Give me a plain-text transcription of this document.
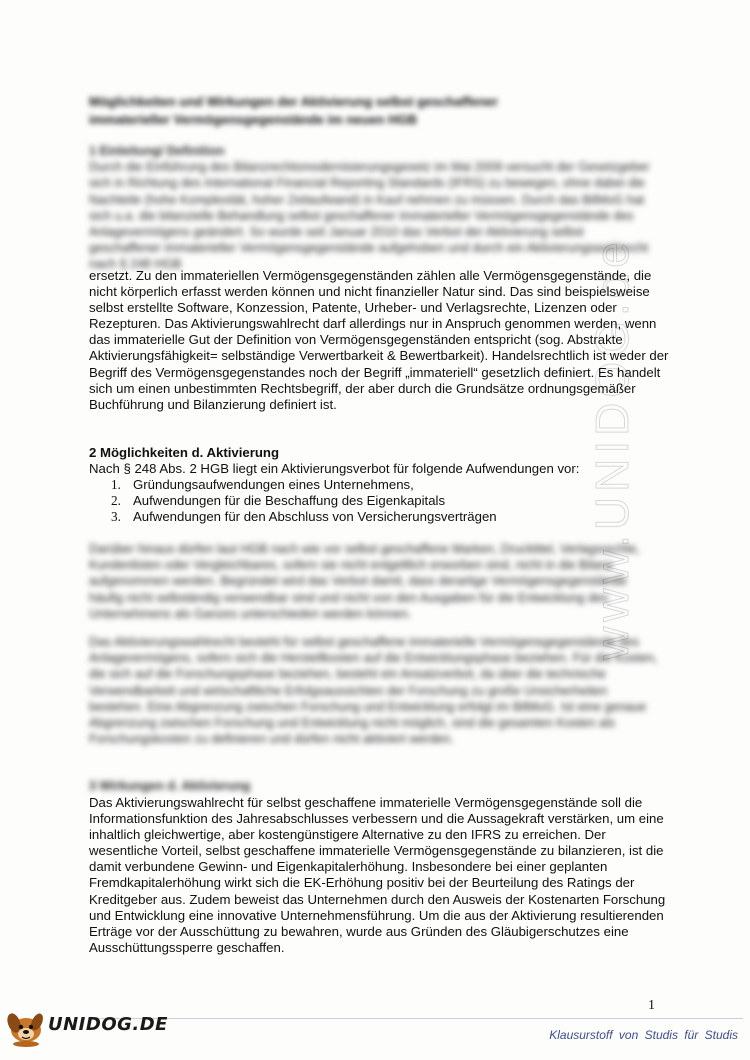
www.UNIDOG.de
Möglichkeiten und Wirkungen der Aktivierung selbst geschaffener
immaterieller Vermögensgegenstände im neuen HGB
1 Einleitung/ Definition
Durch die Einführung des Bilanzrechtsmodernisierungsgesetz im Mai 2009 versucht der Gesetzgeber sich in Richtung des International Financial Reporting Standards (IFRS) zu bewegen, ohne dabei die Nachteile (hohe Komplexität, hoher Zeitaufwand) in Kauf nehmen zu müssen. Durch das BilMoG hat sich u.a. die bilanzielle Behandlung selbst geschaffener immaterieller Vermögensgegenstände des Anlagevermögens geändert. So wurde seit Januar 2010 das Verbot der Aktivierung selbst geschaffener immaterieller Vermögensgegenstände aufgehoben und durch ein Aktivierungswahlrecht nach § 248 HGB
ersetzt. Zu den immateriellen Vermögensgegenständen zählen alle Vermögensgegenstände, die nicht körperlich erfasst werden können und nicht finanzieller Natur sind. Das sind beispielsweise selbst erstellte Software, Konzession, Patente, Urheber- und Verlagsrechte, Lizenzen oder Rezepturen. Das Aktivierungswahlrecht darf allerdings nur in Anspruch genommen werden, wenn das immaterielle Gut der Definition von Vermögensgegenständen entspricht (sog. Abstrakte Aktivierungsfähigkeit= selbständige Verwertbarkeit & Bewertbarkeit). Handelsrechtlich ist weder der Begriff des Vermögensgegenstandes noch der Begriff „immateriell“ gesetzlich definiert. Es handelt sich um einen unbestimmten Rechtsbegriff, der aber durch die Grundsätze ordnungsgemäßer Buchführung und Bilanzierung definiert ist.
2 Möglichkeiten d. Aktivierung
Nach § 248 Abs. 2 HGB liegt ein Aktivierungsverbot für folgende Aufwendungen vor:
1. Gründungsaufwendungen eines Unternehmens,
2. Aufwendungen für die Beschaffung des Eigenkapitals
3. Aufwendungen für den Abschluss von Versicherungsverträgen
Darüber hinaus dürfen laut HGB nach wie vor selbst geschaffene Marken, Drucktitel, Verlagsrechte, Kundenlisten oder Vergleichbares, sofern sie nicht entgeltlich erworben sind, nicht in die Bilanz aufgenommen werden. Begründet wird das Verbot damit, dass derartige Vermögensgegenstände häufig nicht selbständig verwendbar sind und nicht von den Ausgaben für die Entwicklung des Unternehmens als Ganzes unterschieden werden können.
Das Aktivierungswahlrecht besteht für selbst geschaffene immaterielle Vermögensgegenstände des Anlagevermögens, sofern sich die Herstellkosten auf die Entwicklungsphase beziehen. Für die Kosten, die sich auf die Forschungsphase beziehen, besteht ein Ansatzverbot, da über die technische Verwendbarkeit und wirtschaftliche Erfolgsaussichten der Forschung zu große Unsicherheiten bestehen. Eine Abgrenzung zwischen Forschung und Entwicklung erfolgt im BilMoG. Ist eine genaue Abgrenzung zwischen Forschung und Entwicklung nicht möglich, sind die gesamten Kosten als Forschungskosten zu definieren und dürfen nicht aktiviert werden.
3 Wirkungen d. Aktivierung
Das Aktivierungswahlrecht für selbst geschaffene immaterielle Vermögensgegenstände soll die Informationsfunktion des Jahresabschlusses verbessern und die Aussagekraft verstärken, um eine inhaltlich gleichwertige, aber kostengünstigere Alternative zu den IFRS zu erreichen. Der wesentliche Vorteil, selbst geschaffene immaterielle Vermögensgegenstände zu bilanzieren, ist die damit verbundene Gewinn- und Eigenkapitalerhöhung. Insbesondere bei einer geplanten Fremdkapitalerhöhung wirkt sich die EK-Erhöhung positiv bei der Beurteilung des Ratings der Kreditgeber aus. Zudem beweist das Unternehmen durch den Ausweis der Kostenarten Forschung und Entwicklung eine innovative Unternehmensführung. Um die aus der Aktivierung resultierenden Erträge vor der Ausschüttung zu bewahren, wurde aus Gründen des Gläubigerschutzes eine Ausschüttungssperre geschaffen.
1
UNIDOG.DE	Klausurstoff von Studis für Studis
